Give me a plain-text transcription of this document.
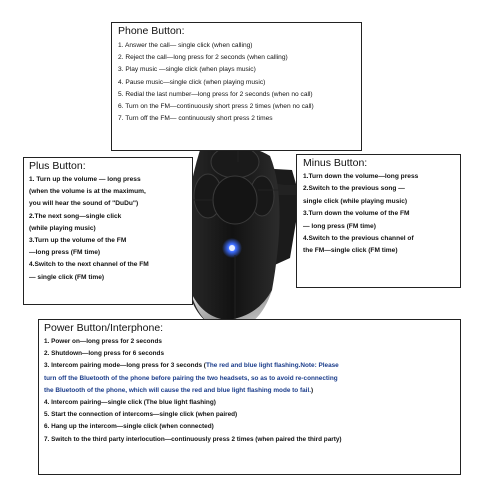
Phone Button:
1. Answer the call— single click (when calling)
2. Reject the call—long press for 2 seconds (when calling)
3. Play music —single click (when plays music)
4. Pause music—single click (when playing music)
5. Redial the last number—long press for 2 seconds (when no call)
6. Turn on the FM—continuously short press 2 times (when no call)
7. Turn off the FM— continuously short press 2 times
Plus Button:
1. Turn up the volume — long press
(when the volume is at the maximum,
you will hear the sound of "DuDu")
2.The next song—single click
(while playing music)
3.Turn up the volume of the FM
—long press (FM time)
4.Switch to the next channel of the FM
— single click (FM time)
Minus Button:
1.Turn down the volume—long press
2.Switch to the previous song —
single click (while playing music)
3.Turn down the volume of the FM
— long press (FM time)
4.Switch to the previous channel of
the FM—single click (FM time)
Power Button/Interphone:
1. Power on—long press for 2 seconds
2. Shutdown—long press for 6 seconds
3. Intercom pairing mode—long press for 3 seconds (The red and blue light flashing.Note: Please
turn off the Bluetooth of the phone before pairing the two headsets, so as to avoid re-connecting
the Bluetooth of the phone, which will cause the red and blue light flashing mode to fail.)
4. Intercom pairing—single click (The blue light flashing)
5. Start the connection of intercoms—single click (when paired)
6. Hang up the intercom—single click (when connected)
7. Switch to the third party interlocution—continuously press 2 times (when paired the third party)
